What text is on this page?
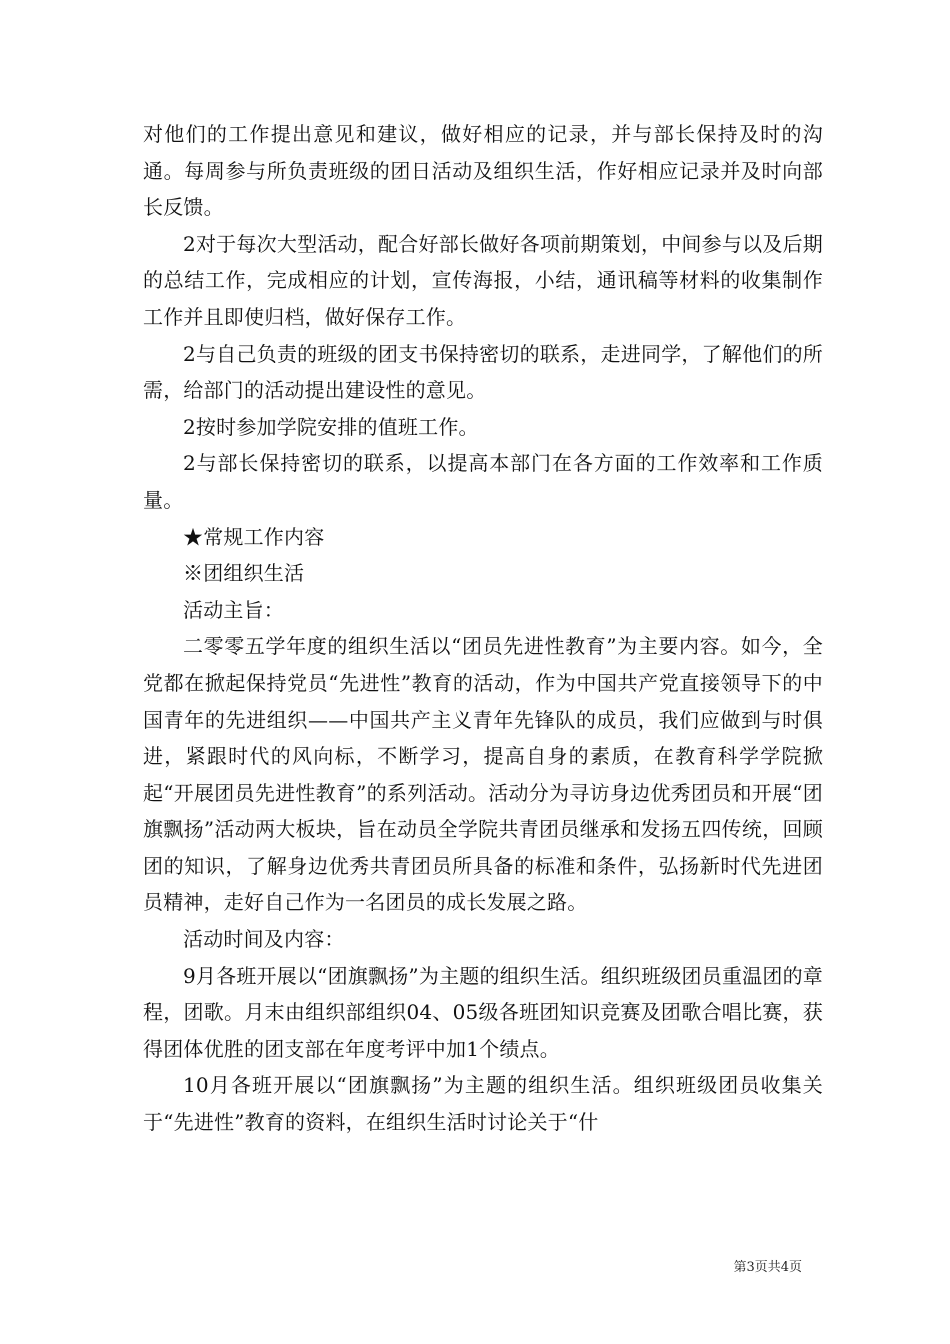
对他们的工作提出意见和建议，做好相应的记录，并与部长保持及时的沟通。每周参与所负责班级的团日活动及组织生活，作好相应记录并及时向部长反馈。

2对于每次大型活动，配合好部长做好各项前期策划，中间参与以及后期的总结工作，完成相应的计划，宣传海报，小结，通讯稿等材料的收集制作工作并且即使归档，做好保存工作。

2与自己负责的班级的团支书保持密切的联系，走进同学，了解他们的所需，给部门的活动提出建设性的意见。

2按时参加学院安排的值班工作。

2与部长保持密切的联系，以提高本部门在各方面的工作效率和工作质量。

★常规工作内容

※团组织生活

活动主旨：

二零零五学年度的组织生活以“团员先进性教育”为主要内容。如今，全党都在掀起保持党员“先进性”教育的活动，作为中国共产党直接领导下的中国青年的先进组织——中国共产主义青年先锋队的成员，我们应做到与时俱进，紧跟时代的风向标，不断学习，提高自身的素质，在教育科学学院掀起“开展团员先进性教育”的系列活动。活动分为寻访身边优秀团员和开展“团旗飘扬”活动两大板块，旨在动员全学院共青团员继承和发扬五四传统，回顾团的知识，了解身边优秀共青团员所具备的标准和条件，弘扬新时代先进团员精神，走好自己作为一名团员的成长发展之路。

活动时间及内容：

9月各班开展以“团旗飘扬”为主题的组织生活。组织班级团员重温团的章程，团歌。月末由组织部组织04、05级各班团知识竞赛及团歌合唱比赛，获得团体优胜的团支部在年度考评中加1个绩点。

10月各班开展以“团旗飘扬”为主题的组织生活。组织班级团员收集关于“先进性”教育的资料，在组织生活时讨论关于“什

第3页共4页
